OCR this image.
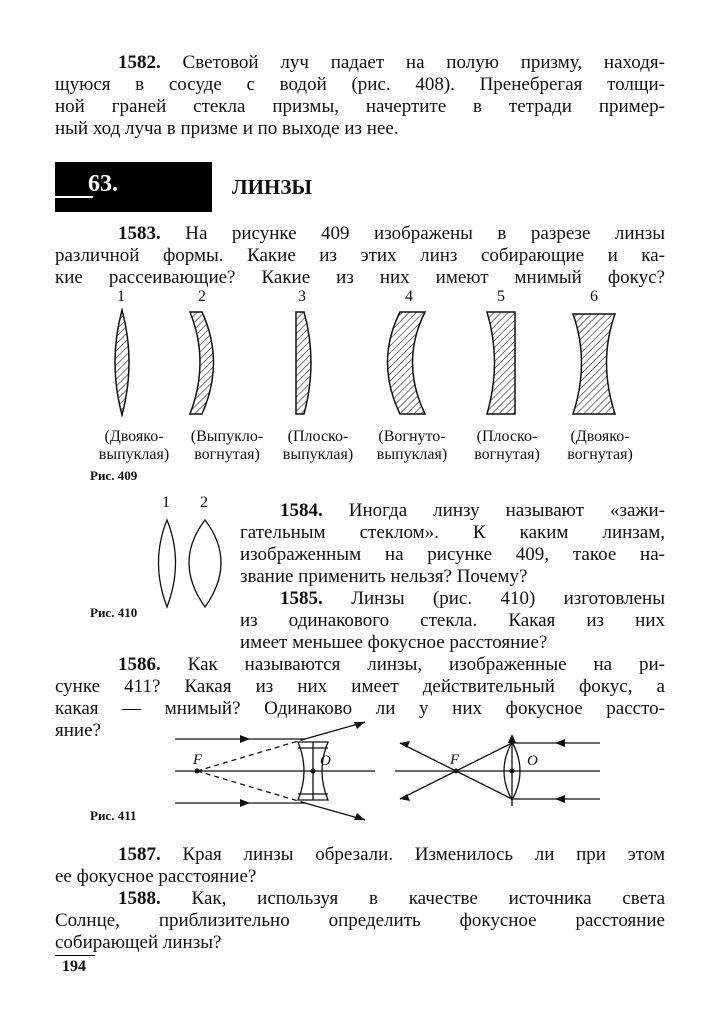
1582. Световой луч падает на полую призму, находя-
щуюся в сосуде с водой (рис. 408). Пренебрегая толщи-
ной граней стекла призмы, начертите в тетради пример-
ный ход луча в призме и по выходе из нее.
63.	ЛИНЗЫ
1583. На рисунке 409 изображены в разрезе линзы
различной формы. Какие из этих линз собирающие и ка-
кие рассеивающие? Какие из них имеют мнимый фокус?
1	2	3	4	5	6
(Двояко-
выпуклая)
(Выпукло-
вогнутая)
(Плоско-
выпуклая)
(Вогнуто-
выпуклая)
(Плоско-
вогнутая)
(Двояко-
вогнутая)
Рис. 409
1 2
Рис. 410
1584. Иногда линзу называют «зажи-
гательным стеклом». К каким линзам,
изображенным на рисунке 409, такое на-
звание применить нельзя? Почему?
1585. Линзы (рис. 410) изготовлены
из одинакового стекла. Какая из них
имеет меньшее фокусное расстояние?
1586. Как называются линзы, изображенные на ри-
сунке 411? Какая из них имеет действительный фокус, а
какая — мнимый? Одинаково ли у них фокусное рассто-
яние?
F	O	F	O
Рис. 411
1587. Края линзы обрезали. Изменилось ли при этом
ее фокусное расстояние?
1588. Как, используя в качестве источника света
Солнце, приблизительно определить фокусное расстояние
собирающей линзы?
194
